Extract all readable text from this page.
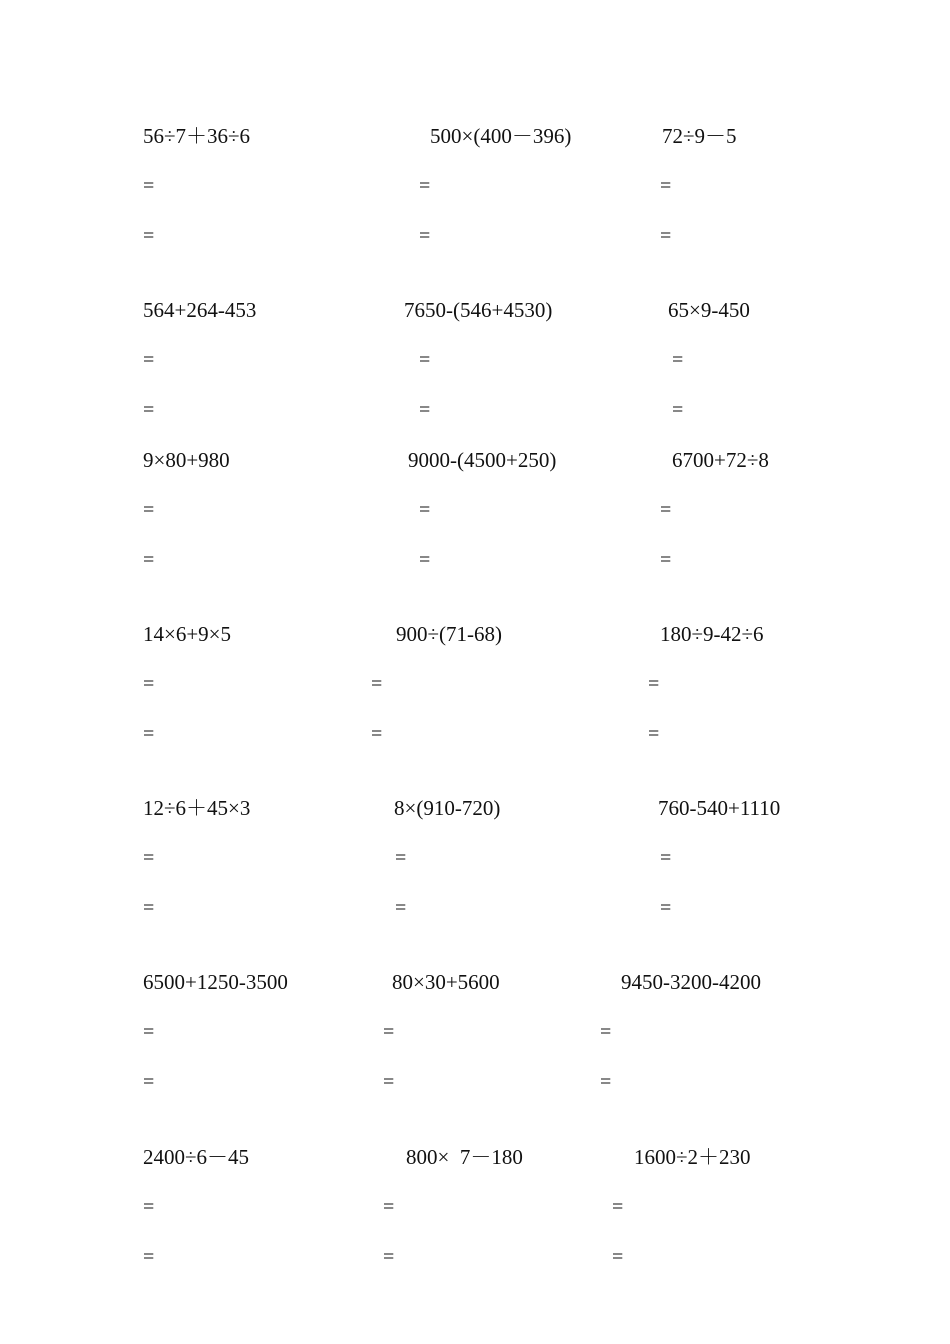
56÷7＋36÷6	500×(400－396)	72÷9－5
=	=	=
=	=	=
564+264-453	7650-(546+4530)	65×9-450
=	=	=
=	=	=
9×80+980	9000-(4500+250)	6700+72÷8
=	=	=
=	=	=
14×6+9×5	900÷(71-68)	180÷9-42÷6
=	=	=
=	=	=
12÷6＋45×3	8×(910-720)	760-540+1110
=	=	=
=	=	=
6500+1250-3500	80×30+5600	9450-3200-4200
=	=	=
=	=	=
2400÷6－45	800×  7－180	1600÷2＋230
=	=	=
=	=	=
